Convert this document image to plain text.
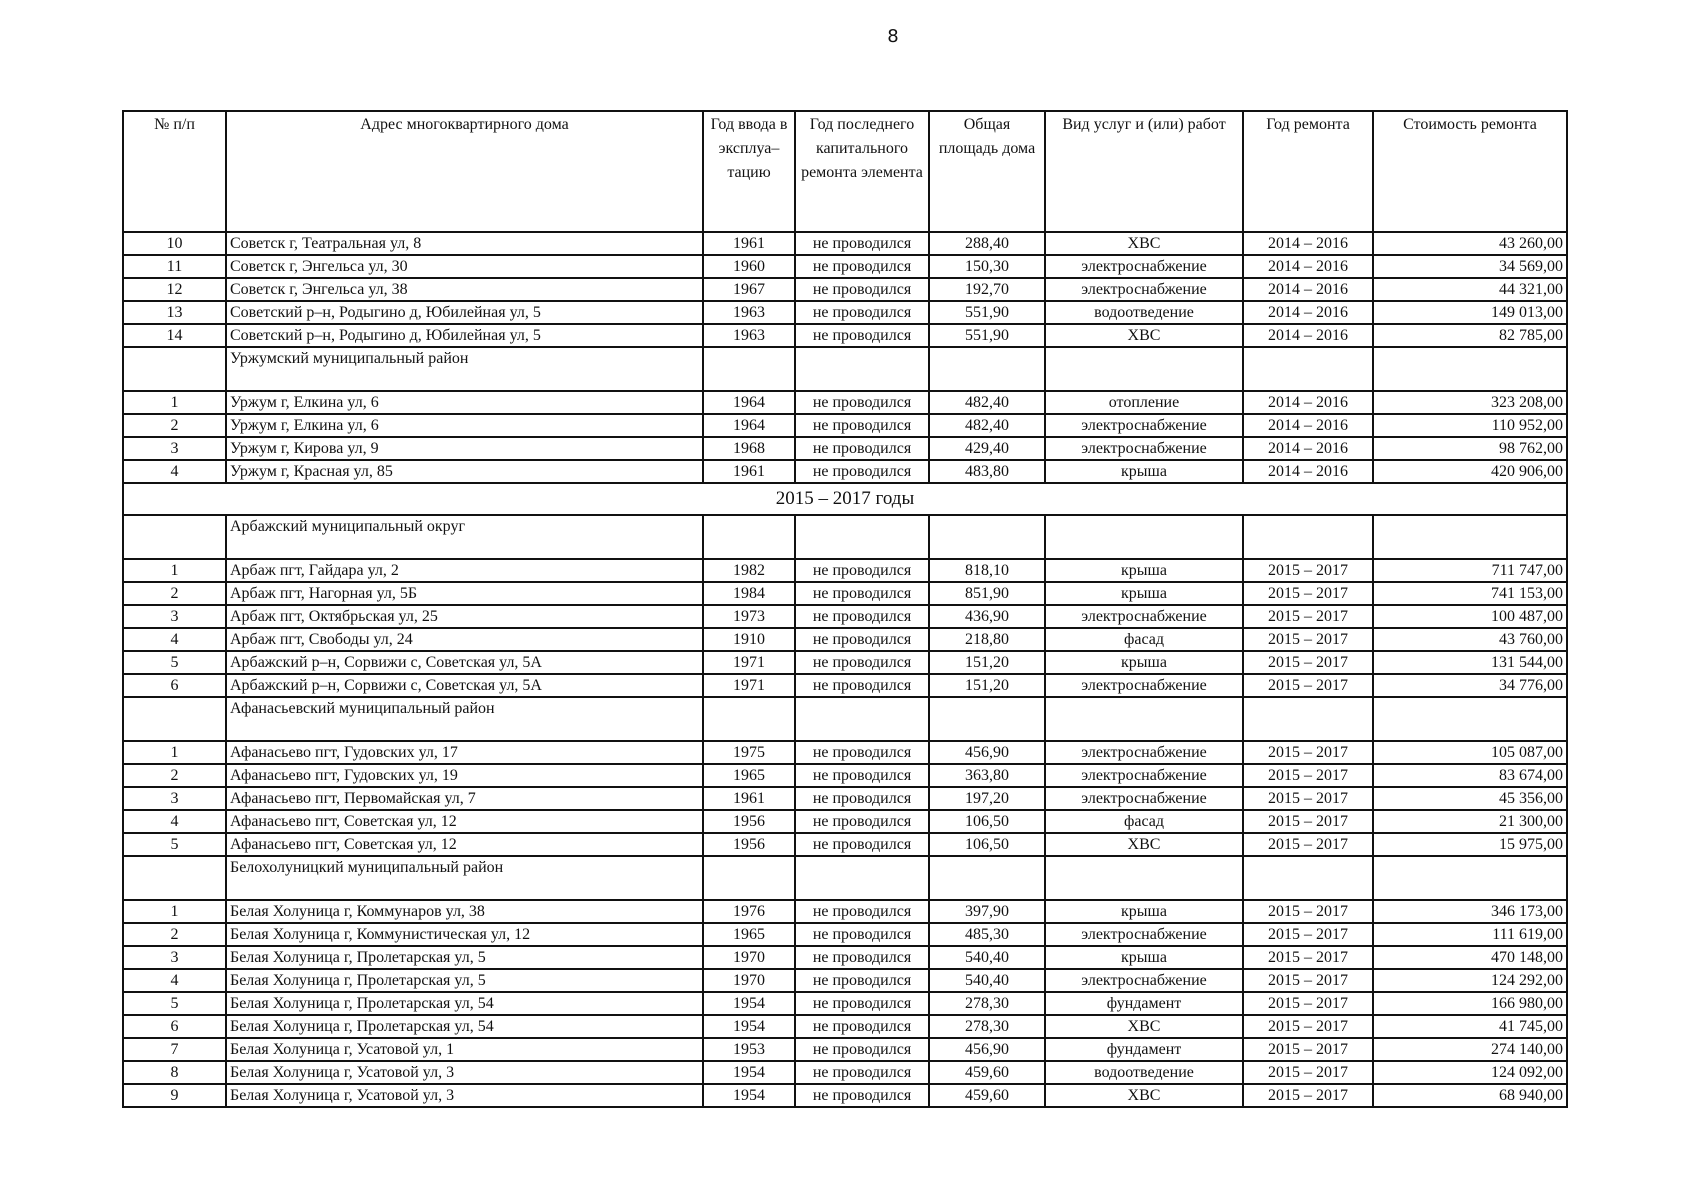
8
№ п/п	Адрес многоквартирного дома	Год ввода в эксплуа– тацию	Год последнего капитального ремонта элемента	Общая площадь дома	Вид услуг и (или) работ	Год ремонта	Стоимость ремонта
10	Советск г, Театральная ул, 8	1961	не проводился	288,40	ХВС	2014 – 2016	43 260,00
11	Советск г, Энгельса ул, 30	1960	не проводился	150,30	электроснабжение	2014 – 2016	34 569,00
12	Советск г, Энгельса ул, 38	1967	не проводился	192,70	электроснабжение	2014 – 2016	44 321,00
13	Советский р–н, Родыгино д, Юбилейная ул, 5	1963	не проводился	551,90	водоотведение	2014 – 2016	149 013,00
14	Советский р–н, Родыгино д, Юбилейная ул, 5	1963	не проводился	551,90	ХВС	2014 – 2016	82 785,00
	Уржумский муниципальный район						
1	Уржум г, Елкина ул, 6	1964	не проводился	482,40	отопление	2014 – 2016	323 208,00
2	Уржум г, Елкина ул, 6	1964	не проводился	482,40	электроснабжение	2014 – 2016	110 952,00
3	Уржум г, Кирова ул, 9	1968	не проводился	429,40	электроснабжение	2014 – 2016	98 762,00
4	Уржум г, Красная ул, 85	1961	не проводился	483,80	крыша	2014 – 2016	420 906,00
2015 – 2017 годы							
	Арбажский муниципальный округ						
1	Арбаж пгт, Гайдара ул, 2	1982	не проводился	818,10	крыша	2015 – 2017	711 747,00
2	Арбаж пгт, Нагорная ул, 5Б	1984	не проводился	851,90	крыша	2015 – 2017	741 153,00
3	Арбаж пгт, Октябрьская ул, 25	1973	не проводился	436,90	электроснабжение	2015 – 2017	100 487,00
4	Арбаж пгт, Свободы ул, 24	1910	не проводился	218,80	фасад	2015 – 2017	43 760,00
5	Арбажский р–н, Сорвижи с, Советская ул, 5А	1971	не проводился	151,20	крыша	2015 – 2017	131 544,00
6	Арбажский р–н, Сорвижи с, Советская ул, 5А	1971	не проводился	151,20	электроснабжение	2015 – 2017	34 776,00
	Афанасьевский муниципальный район						
1	Афанасьево пгт, Гудовских ул, 17	1975	не проводился	456,90	электроснабжение	2015 – 2017	105 087,00
2	Афанасьево пгт, Гудовских ул, 19	1965	не проводился	363,80	электроснабжение	2015 – 2017	83 674,00
3	Афанасьево пгт, Первомайская ул, 7	1961	не проводился	197,20	электроснабжение	2015 – 2017	45 356,00
4	Афанасьево пгт, Советская ул, 12	1956	не проводился	106,50	фасад	2015 – 2017	21 300,00
5	Афанасьево пгт, Советская ул, 12	1956	не проводился	106,50	ХВС	2015 – 2017	15 975,00
	Белохолуницкий муниципальный район						
1	Белая Холуница г, Коммунаров ул, 38	1976	не проводился	397,90	крыша	2015 – 2017	346 173,00
2	Белая Холуница г, Коммунистическая ул, 12	1965	не проводился	485,30	электроснабжение	2015 – 2017	111 619,00
3	Белая Холуница г, Пролетарская ул, 5	1970	не проводился	540,40	крыша	2015 – 2017	470 148,00
4	Белая Холуница г, Пролетарская ул, 5	1970	не проводился	540,40	электроснабжение	2015 – 2017	124 292,00
5	Белая Холуница г, Пролетарская ул, 54	1954	не проводился	278,30	фундамент	2015 – 2017	166 980,00
6	Белая Холуница г, Пролетарская ул, 54	1954	не проводился	278,30	ХВС	2015 – 2017	41 745,00
7	Белая Холуница г, Усатовой ул, 1	1953	не проводился	456,90	фундамент	2015 – 2017	274 140,00
8	Белая Холуница г, Усатовой ул, 3	1954	не проводился	459,60	водоотведение	2015 – 2017	124 092,00
9	Белая Холуница г, Усатовой ул, 3	1954	не проводился	459,60	ХВС	2015 – 2017	68 940,00
